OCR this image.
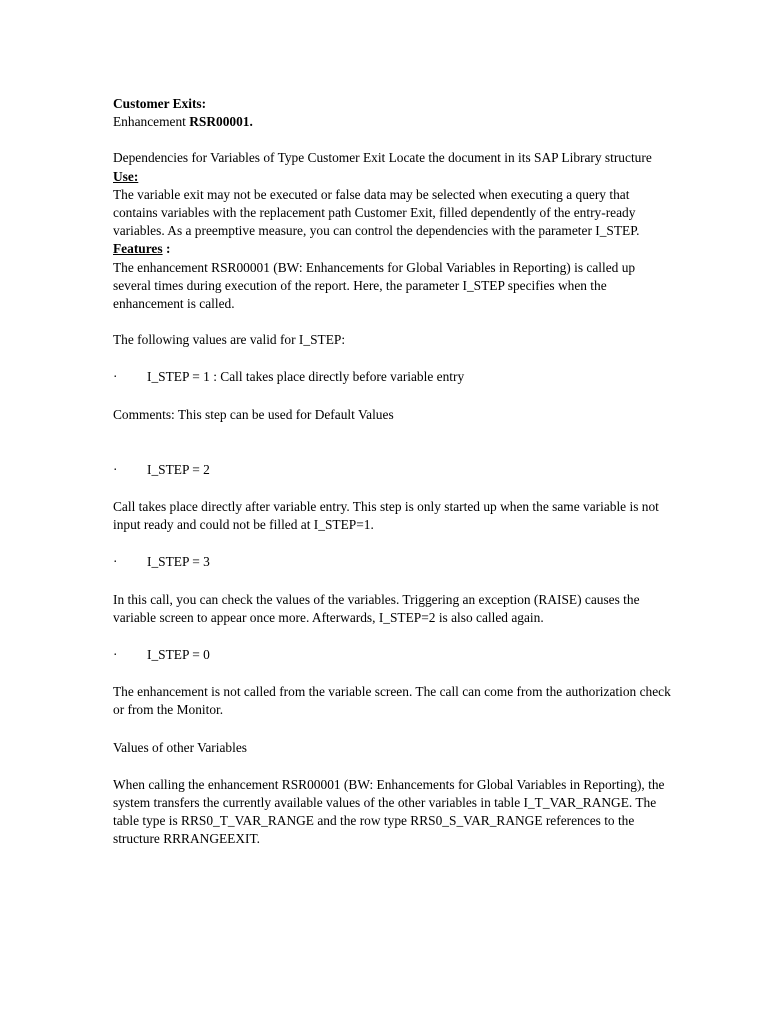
Customer Exits:

Enhancement RSR00001.

Dependencies for Variables of Type Customer Exit Locate the document in its SAP Library structure

Use:

The variable exit may not be executed or false data may be selected when executing a query that contains variables with the replacement path Customer Exit, filled dependently of the entry-ready variables. As a preemptive measure, you can control the dependencies with the parameter I_STEP.

Features :

The enhancement RSR00001 (BW: Enhancements for Global Variables in Reporting) is called up several times during execution of the report. Here, the parameter I_STEP specifies when the enhancement is called.

The following values are valid for I_STEP:

·	I_STEP = 1 : Call takes place directly before variable entry

Comments: This step can be used for Default Values

·	I_STEP = 2

Call takes place directly after variable entry. This step is only started up when the same variable is not input ready and could not be filled at I_STEP=1.

·	I_STEP = 3

In this call, you can check the values of the variables. Triggering an exception (RAISE) causes the variable screen to appear once more. Afterwards, I_STEP=2 is also called again.

·	I_STEP = 0

The enhancement is not called from the variable screen. The call can come from the authorization check or from the Monitor.

Values of other Variables

When calling the enhancement RSR00001 (BW: Enhancements for Global Variables in Reporting), the system transfers the currently available values of the other variables in table I_T_VAR_RANGE. The table type is RRS0_T_VAR_RANGE and the row type RRS0_S_VAR_RANGE references to the structure RRRANGEEXIT.
